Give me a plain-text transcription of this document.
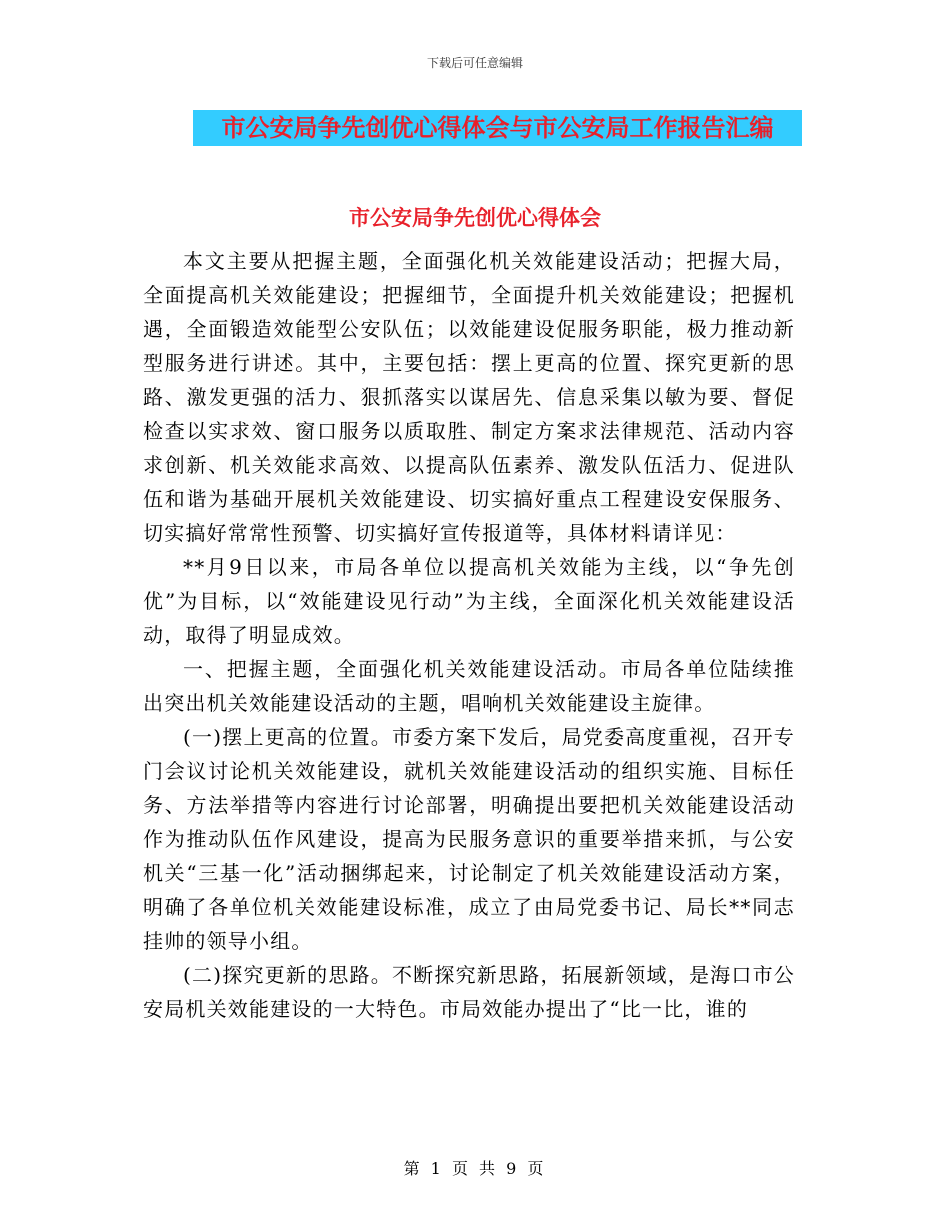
下载后可任意编辑
市公安局争先创优心得体会与市公安局工作报告汇编
市公安局争先创优心得体会

本文主要从把握主题，全面强化机关效能建设活动；把握大局，全面提高机关效能建设；把握细节，全面提升机关效能建设；把握机遇，全面锻造效能型公安队伍；以效能建设促服务职能，极力推动新型服务进行讲述。其中，主要包括：摆上更高的位置、探究更新的思路、激发更强的活力、狠抓落实以谋居先、信息采集以敏为要、督促检查以实求效、窗口服务以质取胜、制定方案求法律规范、活动内容求创新、机关效能求高效、以提高队伍素养、激发队伍活力、促进队伍和谐为基础开展机关效能建设、切实搞好重点工程建设安保服务、切实搞好常常性预警、切实搞好宣传报道等，具体材料请详见：

**月9日以来，市局各单位以提高机关效能为主线，以“争先创优”为目标，以“效能建设见行动”为主线，全面深化机关效能建设活动，取得了明显成效。

一、把握主题，全面强化机关效能建设活动。市局各单位陆续推出突出机关效能建设活动的主题，唱响机关效能建设主旋律。

(一)摆上更高的位置。市委方案下发后，局党委高度重视，召开专门会议讨论机关效能建设，就机关效能建设活动的组织实施、目标任务、方法举措等内容进行讨论部署，明确提出要把机关效能建设活动作为推动队伍作风建设，提高为民服务意识的重要举措来抓，与公安机关“三基一化”活动捆绑起来，讨论制定了机关效能建设活动方案，明确了各单位机关效能建设标准，成立了由局党委书记、局长**同志挂帅的领导小组。

(二)探究更新的思路。不断探究新思路，拓展新领域，是海口市公安局机关效能建设的一大特色。市局效能办提出了“比一比，谁的

第 1 页 共 9 页
